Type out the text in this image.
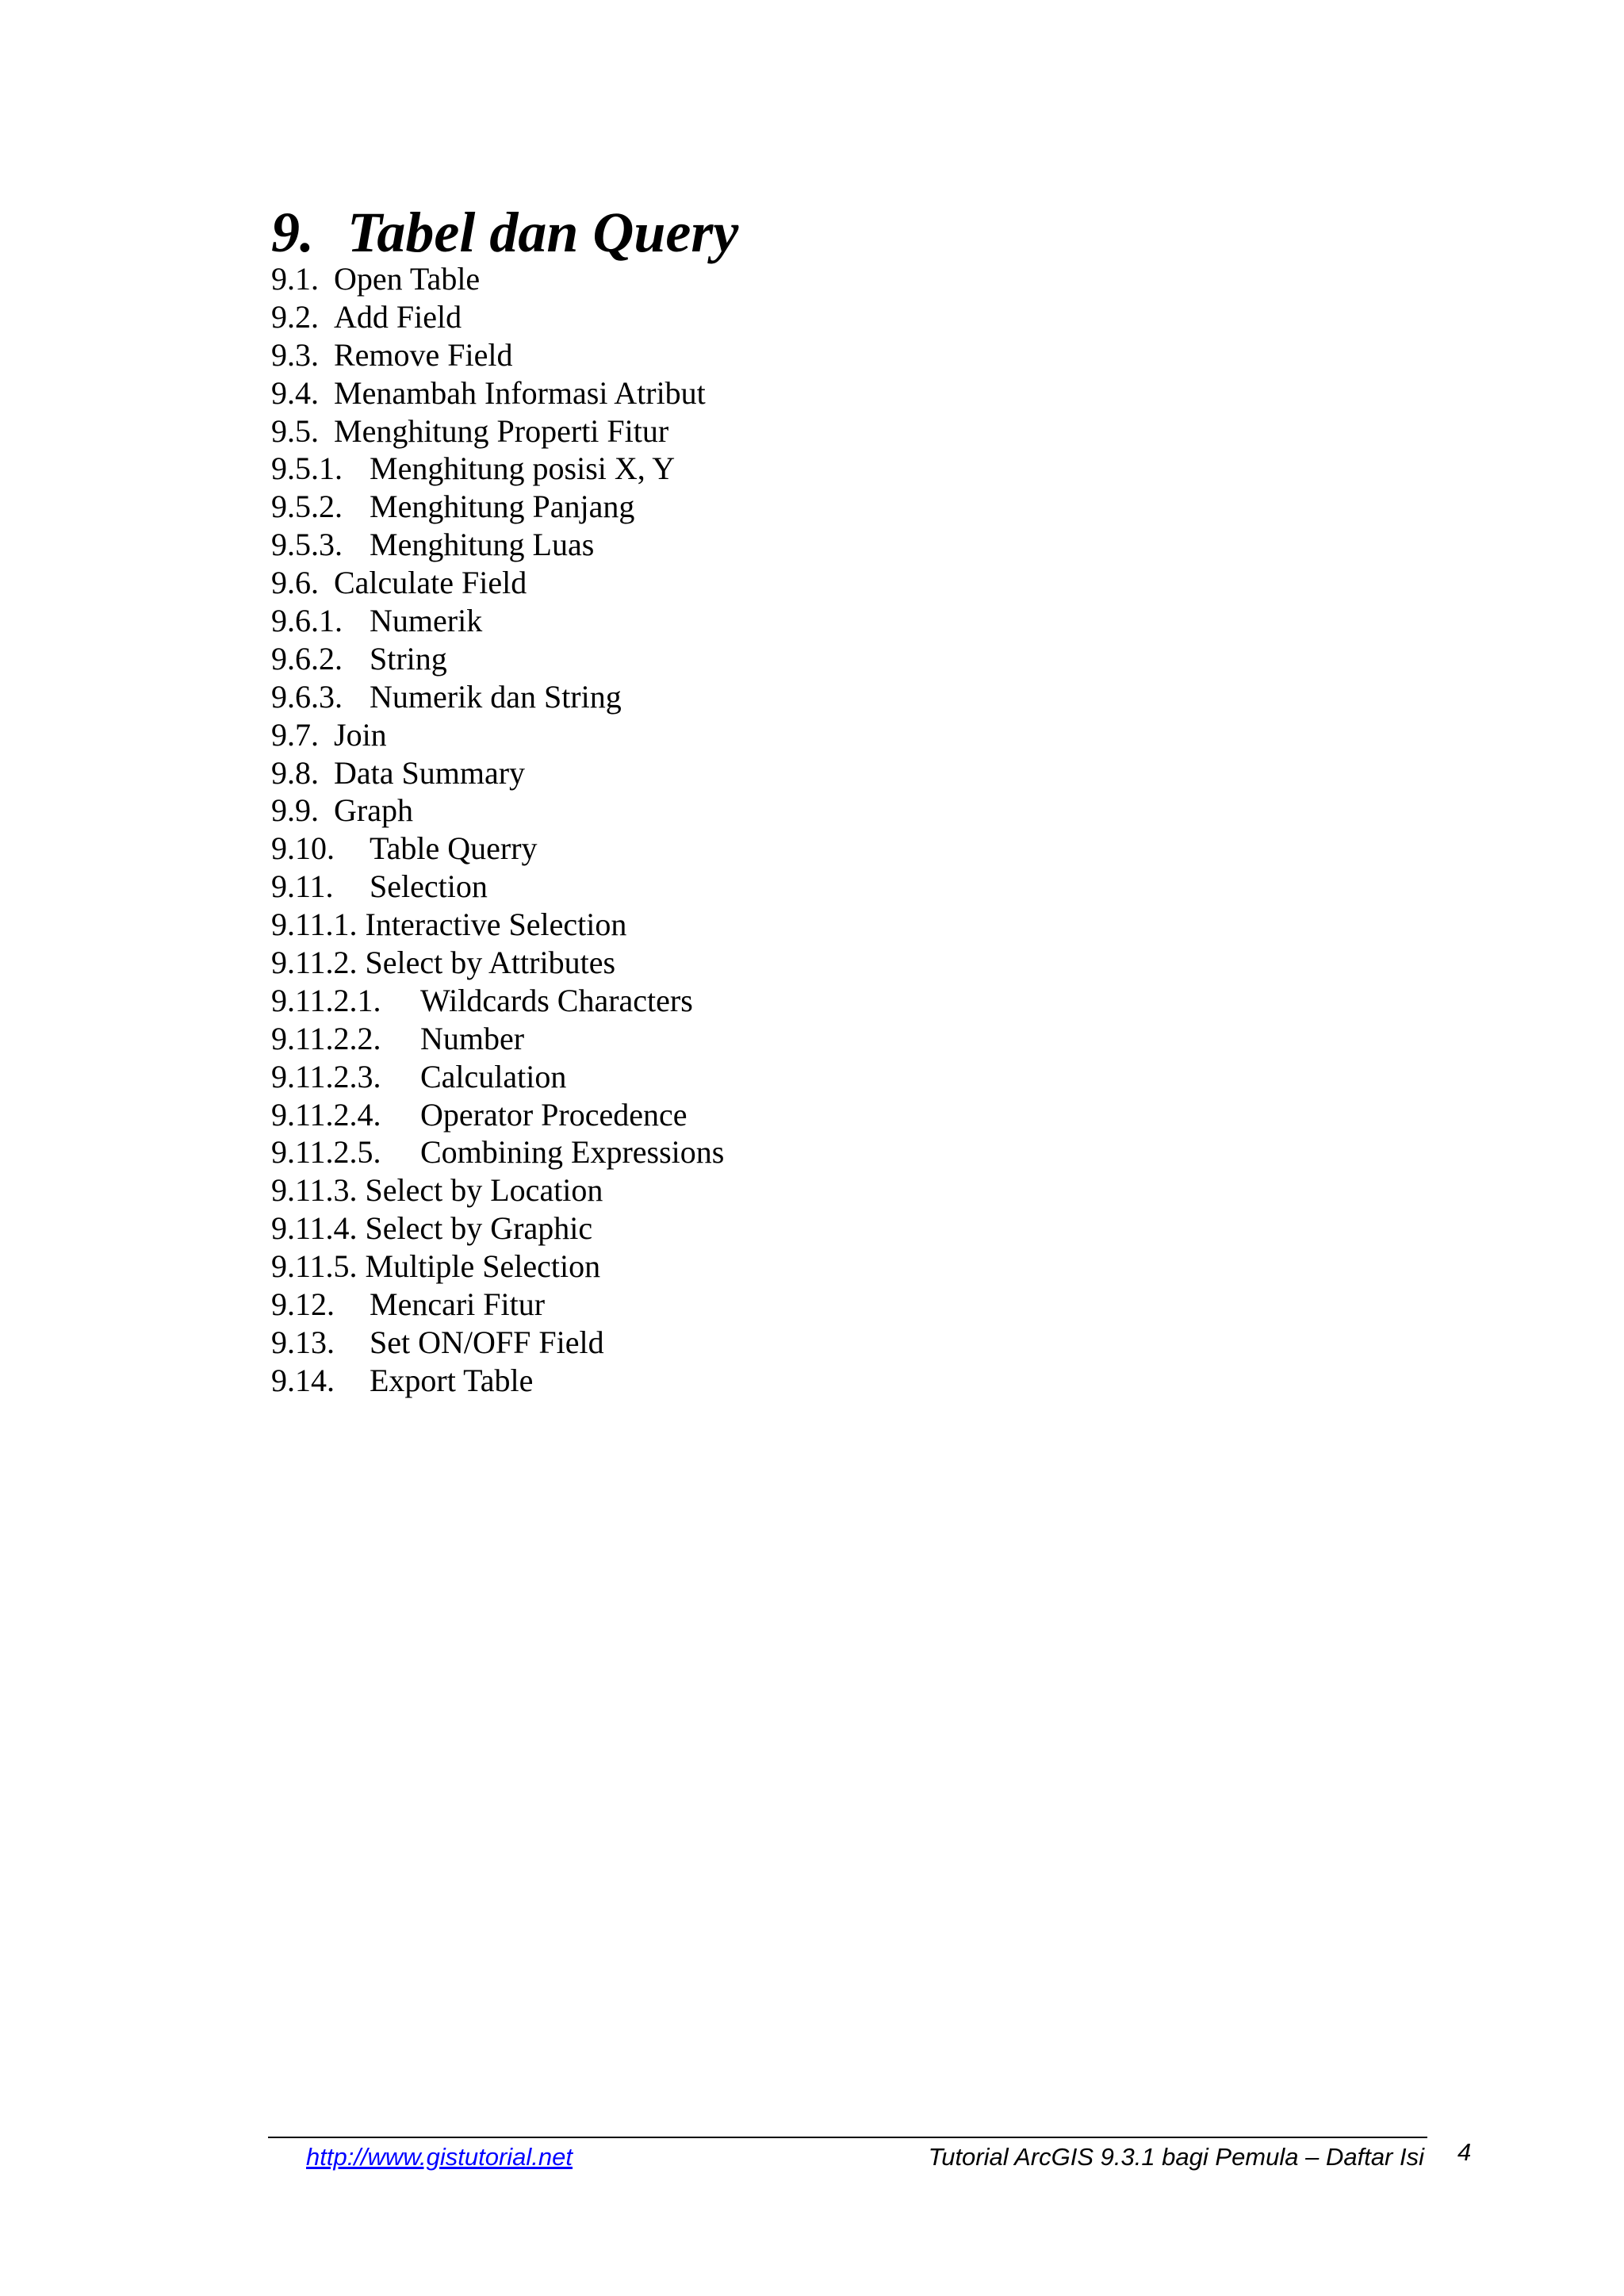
9. Tabel dan Query
9.1. Open Table
9.2. Add Field
9.3. Remove Field
9.4. Menambah Informasi Atribut
9.5. Menghitung Properti Fitur
9.5.1. Menghitung posisi X, Y
9.5.2. Menghitung Panjang
9.5.3. Menghitung Luas
9.6. Calculate Field
9.6.1. Numerik
9.6.2. String
9.6.3. Numerik dan String
9.7. Join
9.8. Data Summary
9.9. Graph
9.10. Table Querry
9.11. Selection
9.11.1. Interactive Selection
9.11.2. Select by Attributes
9.11.2.1. Wildcards Characters
9.11.2.2. Number
9.11.2.3. Calculation
9.11.2.4. Operator Procedence
9.11.2.5. Combining Expressions
9.11.3. Select by Location
9.11.4. Select by Graphic
9.11.5. Multiple Selection
9.12. Mencari Fitur
9.13. Set ON/OFF Field
9.14. Export Table
http://www.gistutorial.net	Tutorial ArcGIS 9.3.1 bagi Pemula – Daftar Isi 4
